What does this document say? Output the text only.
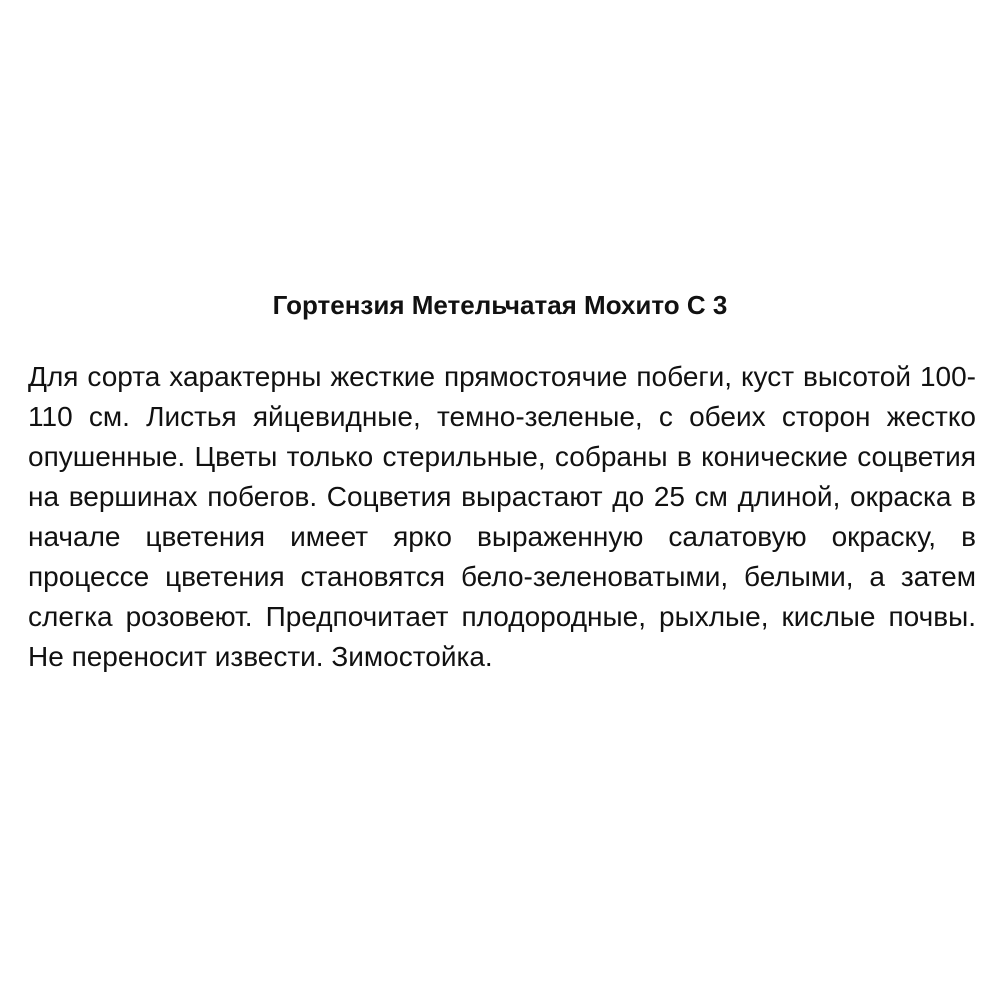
Гортензия Метельчатая Мохито С 3

Для сорта характерны жесткие прямостоячие побеги, куст высотой 100-110 см. Листья яйцевидные, темно-зеленые, с обеих сторон жестко опушенные. Цветы только стерильные, собраны в конические соцветия на вершинах побегов. Соцветия вырастают до 25 см длиной, окраска в начале цветения имеет ярко выраженную салатовую окраску, в процессе цветения становятся бело-зеленоватыми, белыми, а затем слегка розовеют. Предпочитает плодородные, рыхлые, кислые почвы. Не переносит извести. Зимостойка.
